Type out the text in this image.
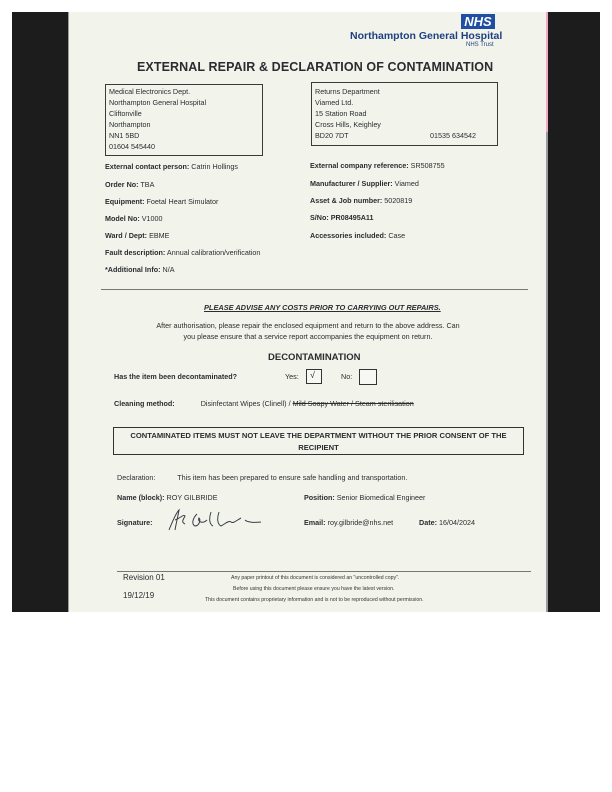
NHS
Northampton General Hospital
NHS Trust
EXTERNAL REPAIR & DECLARATION OF CONTAMINATION
Medical Electronics Dept.
Northampton General Hospital
Cliftonville
Northampton
NN1 5BD
01604 545440
Returns Department
Viamed Ltd.
15 Station Road
Cross Hills, Keighley
BD20 7DT	01535 634542
External contact person: Catrin Hollings	External company reference: SR508755
Order No: TBA	Manufacturer / Supplier: Viamed
Equipment: Foetal Heart Simulator	Asset & Job number: 5020819
Model No: V1000	S/No: PR08495A11
Ward / Dept: EBME	Accessories included: Case
Fault description: Annual calibration/verification
*Additional Info: N/A
PLEASE ADVISE ANY COSTS PRIOR TO CARRYING OUT REPAIRS.
After authorisation, please repair the enclosed equipment and return to the above address. Can you please ensure that a service report accompanies the equipment on return.
DECONTAMINATION
Has the item been decontaminated?	Yes: √	No:
Cleaning method:	Disinfectant Wipes (Clinell) / Mild Soapy Water / Steam sterilisation
CONTAMINATED ITEMS MUST NOT LEAVE THE DEPARTMENT WITHOUT THE PRIOR CONSENT OF THE RECIPIENT
Declaration:	This item has been prepared to ensure safe handling and transportation.
Name (block): ROY GILBRIDE	Position: Senior Biomedical Engineer
Signature:	Email: roy.gilbride@nhs.net	Date: 16/04/2024
Revision 01
19/12/19
Any paper printout of this document is considered an "uncontrolled copy".
Before using this document please ensure you have the latest version.
This document contains proprietary information and is not to be reproduced without permission.
